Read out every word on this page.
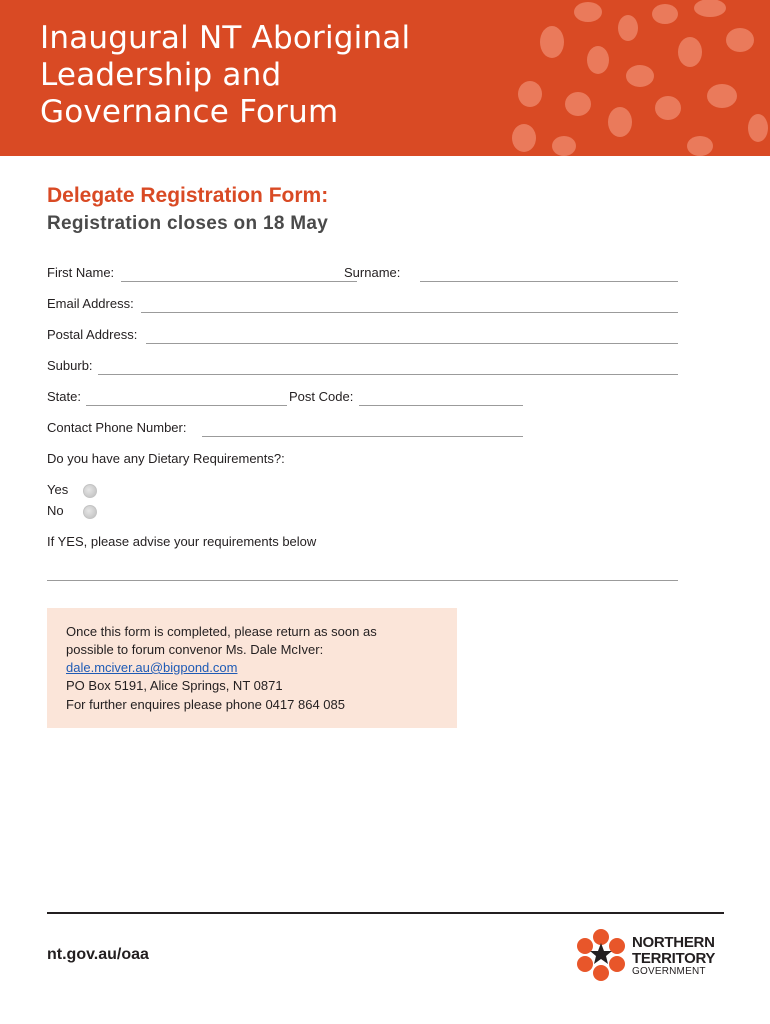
Inaugural NT Aboriginal
Leadership and
Governance Forum
Delegate Registration Form:
Registration closes on 18 May
First Name:	Surname:
Email Address:
Postal Address:
Suburb:
State:	Post Code:
Contact Phone Number:
Do you have any Dietary Requirements?:
Yes
No
If YES, please advise your requirements below
Once this form is completed, please return as soon as
possible to forum convenor Ms. Dale McIver:
dale.mciver.au@bigpond.com
PO Box 5191, Alice Springs, NT 0871
For further enquires please phone 0417 864 085
nt.gov.au/oaa
NORTHERN
TERRITORY
GOVERNMENT
